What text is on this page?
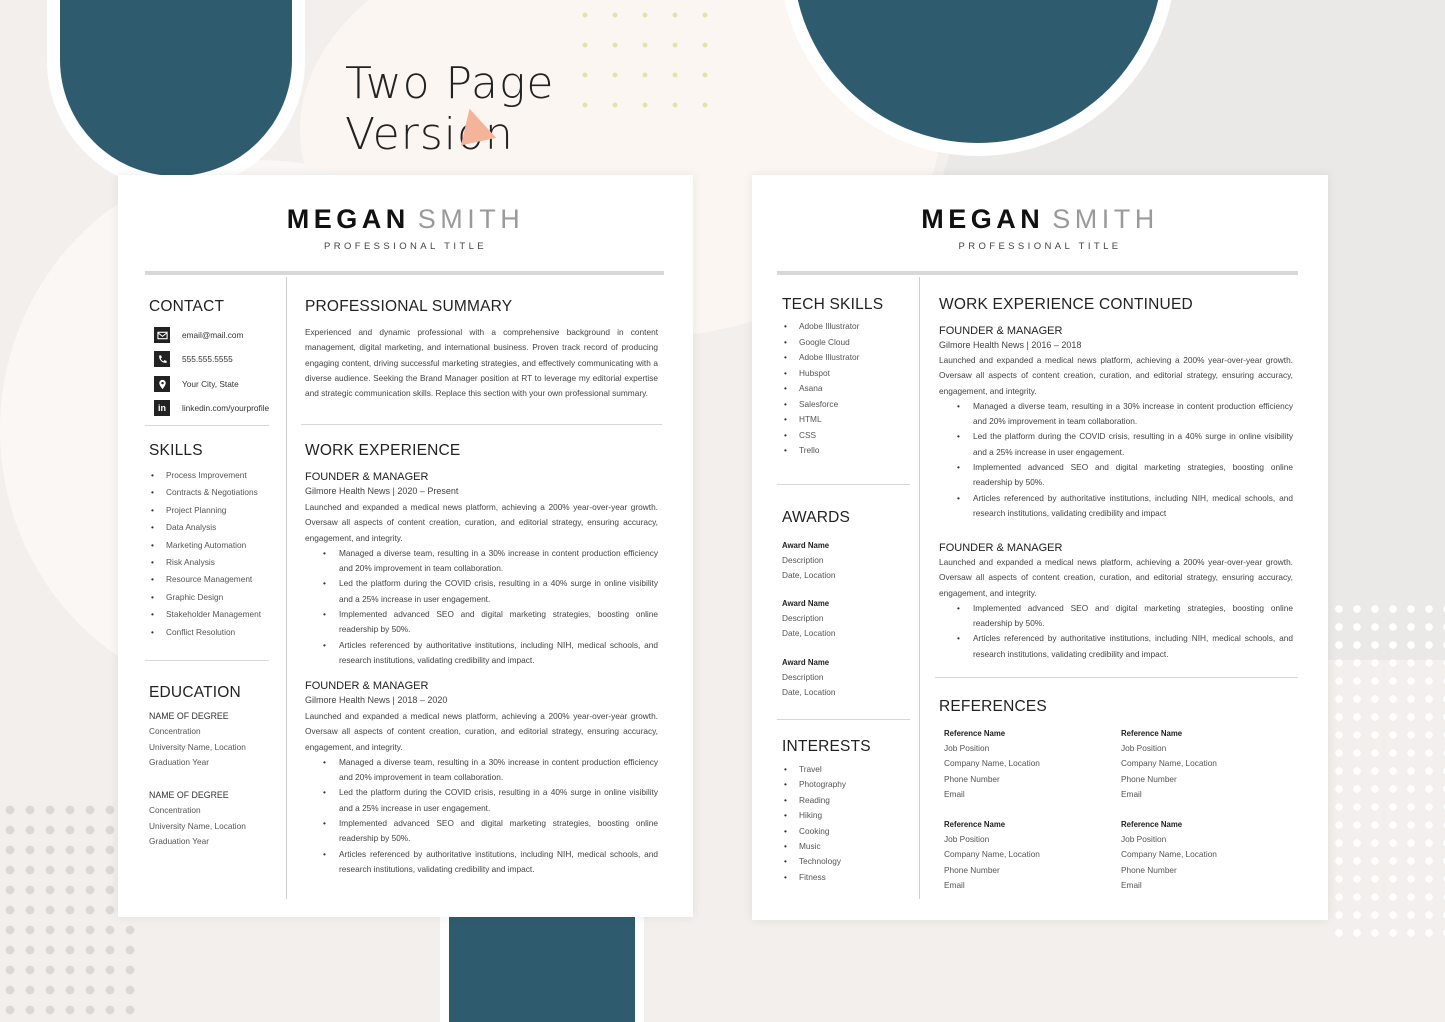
Two Page Version
MEGAN SMITH
PROFESSIONAL TITLE
CONTACT
email@mail.com
555.555.5555
Your City, State
in	linkedin.com/yourprofile
SKILLS
• Process Improvement
• Contracts & Negotiations
• Project Planning
• Data Analysis
• Marketing Automation
• Risk Analysis
• Resource Management
• Graphic Design
• Stakeholder Management
• Conflict Resolution
EDUCATION
NAME OF DEGREE
Concentration
University Name, Location
Graduation Year
NAME OF DEGREE
Concentration
University Name, Location
Graduation Year
PROFESSIONAL SUMMARY
Experienced and dynamic professional with a comprehensive background in content management, digital marketing, and international business. Proven track record of producing engaging content, driving successful marketing strategies, and effectively communicating with a diverse audience. Seeking the Brand Manager position at RT to leverage my editorial expertise and strategic communication skills. Replace this section with your own professional summary.
WORK EXPERIENCE
FOUNDER & MANAGER
Gilmore Health News | 2020 – Present
Launched and expanded a medical news platform, achieving a 200% year-over-year growth. Oversaw all aspects of content creation, curation, and editorial strategy, ensuring accuracy, engagement, and integrity.
• Managed a diverse team, resulting in a 30% increase in content production efficiency and 20% improvement in team collaboration.
• Led the platform during the COVID crisis, resulting in a 40% surge in online visibility and a 25% increase in user engagement.
• Implemented advanced SEO and digital marketing strategies, boosting online readership by 50%.
• Articles referenced by authoritative institutions, including NIH, medical schools, and research institutions, validating credibility and impact.
FOUNDER & MANAGER
Gilmore Health News | 2018 – 2020
Launched and expanded a medical news platform, achieving a 200% year-over-year growth. Oversaw all aspects of content creation, curation, and editorial strategy, ensuring accuracy, engagement, and integrity.
• Managed a diverse team, resulting in a 30% increase in content production efficiency and 20% improvement in team collaboration.
• Led the platform during the COVID crisis, resulting in a 40% surge in online visibility and a 25% increase in user engagement.
• Implemented advanced SEO and digital marketing strategies, boosting online readership by 50%.
• Articles referenced by authoritative institutions, including NIH, medical schools, and research institutions, validating credibility and impact.
MEGAN SMITH
PROFESSIONAL TITLE
TECH SKILLS
• Adobe Illustrator
• Google Cloud
• Adobe Illustrator
• Hubspot
• Asana
• Salesforce
• HTML
• CSS
• Trello
AWARDS
Award Name
Description
Date, Location
Award Name
Description
Date, Location
Award Name
Description
Date, Location
INTERESTS
• Travel
• Photography
• Reading
• Hiking
• Cooking
• Music
• Technology
• Fitness
WORK EXPERIENCE CONTINUED
FOUNDER & MANAGER
Gilmore Health News | 2016 – 2018
Launched and expanded a medical news platform, achieving a 200% year-over-year growth. Oversaw all aspects of content creation, curation, and editorial strategy, ensuring accuracy, engagement, and integrity.
• Managed a diverse team, resulting in a 30% increase in content production efficiency and 20% improvement in team collaboration.
• Led the platform during the COVID crisis, resulting in a 40% surge in online visibility and a 25% increase in user engagement.
• Implemented advanced SEO and digital marketing strategies, boosting online readership by 50%.
• Articles referenced by authoritative institutions, including NIH, medical schools, and research institutions, validating credibility and impact
FOUNDER & MANAGER
Launched and expanded a medical news platform, achieving a 200% year-over-year growth. Oversaw all aspects of content creation, curation, and editorial strategy, ensuring accuracy, engagement, and integrity.
• Implemented advanced SEO and digital marketing strategies, boosting online readership by 50%.
• Articles referenced by authoritative institutions, including NIH, medical schools, and research institutions, validating credibility and impact.
REFERENCES
Reference Name
Job Position
Company Name, Location
Phone Number
Email
Reference Name
Job Position
Company Name, Location
Phone Number
Email
Reference Name
Job Position
Company Name, Location
Phone Number
Email
Reference Name
Job Position
Company Name, Location
Phone Number
Email
